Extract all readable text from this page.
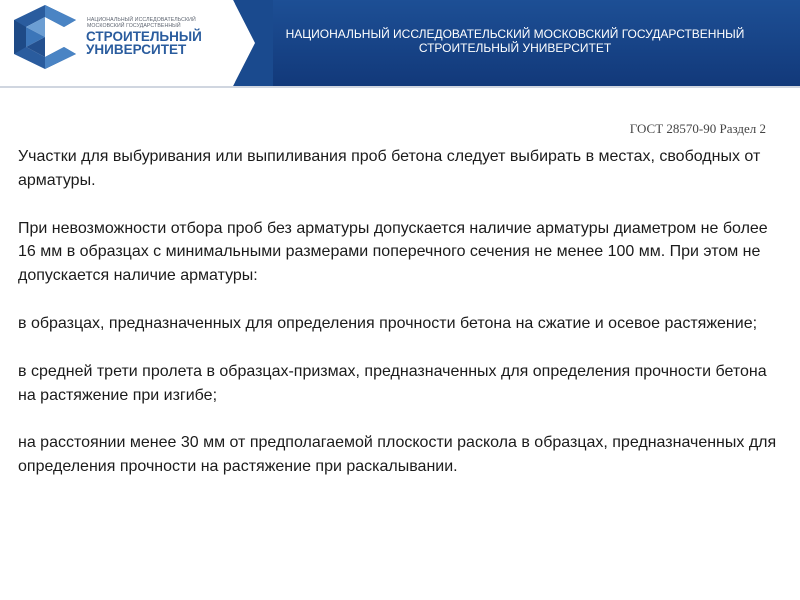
НАЦИОНАЛЬНЫЙ ИССЛЕДОВАТЕЛЬСКИЙ
МОСКОВСКИЙ ГОСУДАРСТВЕННЫЙ
СТРОИТЕЛЬНЫЙ
УНИВЕРСИТЕТ
НАЦИОНАЛЬНЫЙ ИССЛЕДОВАТЕЛЬСКИЙ МОСКОВСКИЙ ГОСУДАРСТВЕННЫЙ
СТРОИТЕЛЬНЫЙ УНИВЕРСИТЕТ
ГОСТ 28570-90 Раздел 2

Участки для выбуривания или выпиливания проб бетона следует выбирать в местах, свободных от арматуры.

При невозможности отбора проб без арматуры допускается наличие арматуры диаметром не более 16 мм в образцах с минимальными размерами поперечного сечения не менее 100 мм. При этом не допускается наличие арматуры:

в образцах, предназначенных для определения прочности бетона на сжатие и осевое растяжение;

в средней трети пролета в образцах-призмах, предназначенных для определения прочности бетона на растяжение при изгибе;

на расстоянии менее 30 мм от предполагаемой плоскости раскола в образцах, предназначенных для определения прочности на растяжение при раскалывании.
